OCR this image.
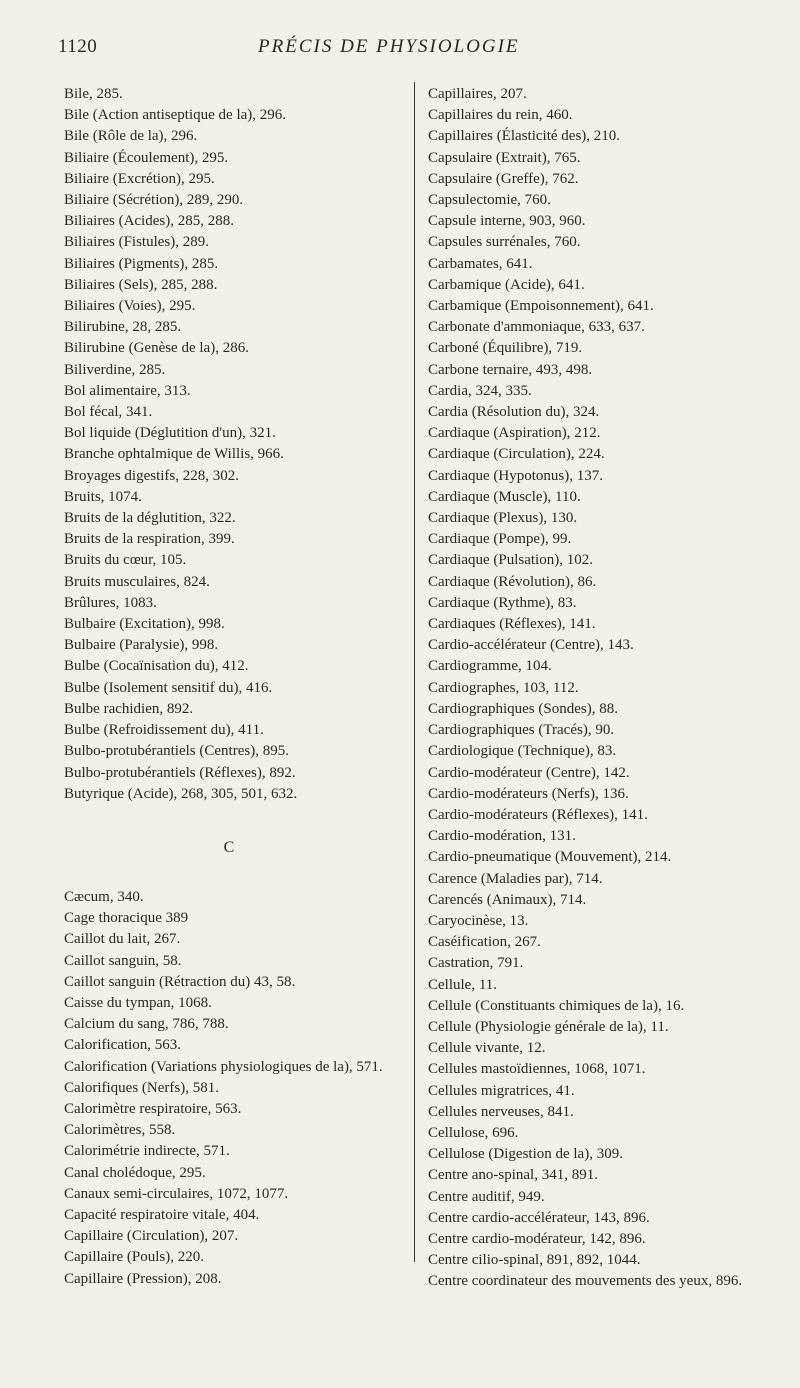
1120	PRÉCIS DE PHYSIOLOGIE
Bile, 285.
Bile (Action antiseptique de la), 296.
Bile (Rôle de la), 296.
Biliaire (Écoulement), 295.
Biliaire (Excrétion), 295.
Biliaire (Sécrétion), 289, 290.
Biliaires (Acides), 285, 288.
Biliaires (Fistules), 289.
Biliaires (Pigments), 285.
Biliaires (Sels), 285, 288.
Biliaires (Voies), 295.
Bilirubine, 28, 285.
Bilirubine (Genèse de la), 286.
Biliverdine, 285.
Bol alimentaire, 313.
Bol fécal, 341.
Bol liquide (Déglutition d'un), 321.
Branche ophtalmique de Willis, 966.
Broyages digestifs, 228, 302.
Bruits, 1074.
Bruits de la déglutition, 322.
Bruits de la respiration, 399.
Bruits du cœur, 105.
Bruits musculaires, 824.
Brûlures, 1083.
Bulbaire (Excitation), 998.
Bulbaire (Paralysie), 998.
Bulbe (Cocaïnisation du), 412.
Bulbe (Isolement sensitif du), 416.
Bulbe rachidien, 892.
Bulbe (Refroidissement du), 411.
Bulbo-protubérantiels (Centres), 895.
Bulbo-protubérantiels (Réflexes), 892.
Butyrique (Acide), 268, 305, 501, 632.
C
Cæcum, 340.
Cage thoracique 389
Caillot du lait, 267.
Caillot sanguin, 58.
Caillot sanguin (Rétraction du) 43, 58.
Caisse du tympan, 1068.
Calcium du sang, 786, 788.
Calorification, 563.
Calorification (Variations physiologiques de la), 571.
Calorifiques (Nerfs), 581.
Calorimètre respiratoire, 563.
Calorimètres, 558.
Calorimétrie indirecte, 571.
Canal cholédoque, 295.
Canaux semi-circulaires, 1072, 1077.
Capacité respiratoire vitale, 404.
Capillaire (Circulation), 207.
Capillaire (Pouls), 220.
Capillaire (Pression), 208.
Capillaires, 207.
Capillaires du rein, 460.
Capillaires (Élasticité des), 210.
Capsulaire (Extrait), 765.
Capsulaire (Greffe), 762.
Capsulectomie, 760.
Capsule interne, 903, 960.
Capsules surrénales, 760.
Carbamates, 641.
Carbamique (Acide), 641.
Carbamique (Empoisonnement), 641.
Carbonate d'ammoniaque, 633, 637.
Carboné (Équilibre), 719.
Carbone ternaire, 493, 498.
Cardia, 324, 335.
Cardia (Résolution du), 324.
Cardiaque (Aspiration), 212.
Cardiaque (Circulation), 224.
Cardiaque (Hypotonus), 137.
Cardiaque (Muscle), 110.
Cardiaque (Plexus), 130.
Cardiaque (Pompe), 99.
Cardiaque (Pulsation), 102.
Cardiaque (Révolution), 86.
Cardiaque (Rythme), 83.
Cardiaques (Réflexes), 141.
Cardio-accélérateur (Centre), 143.
Cardiogramme, 104.
Cardiographes, 103, 112.
Cardiographiques (Sondes), 88.
Cardiographiques (Tracés), 90.
Cardiologique (Technique), 83.
Cardio-modérateur (Centre), 142.
Cardio-modérateurs (Nerfs), 136.
Cardio-modérateurs (Réflexes), 141.
Cardio-modération, 131.
Cardio-pneumatique (Mouvement), 214.
Carence (Maladies par), 714.
Carencés (Animaux), 714.
Caryocinèse, 13.
Caséification, 267.
Castration, 791.
Cellule, 11.
Cellule (Constituants chimiques de la), 16.
Cellule (Physiologie générale de la), 11.
Cellule vivante, 12.
Cellules mastoïdiennes, 1068, 1071.
Cellules migratrices, 41.
Cellules nerveuses, 841.
Cellulose, 696.
Cellulose (Digestion de la), 309.
Centre ano-spinal, 341, 891.
Centre auditif, 949.
Centre cardio-accélérateur, 143, 896.
Centre cardio-modérateur, 142, 896.
Centre cilio-spinal, 891, 892, 1044.
Centre coordinateur des mouvements des yeux, 896.
